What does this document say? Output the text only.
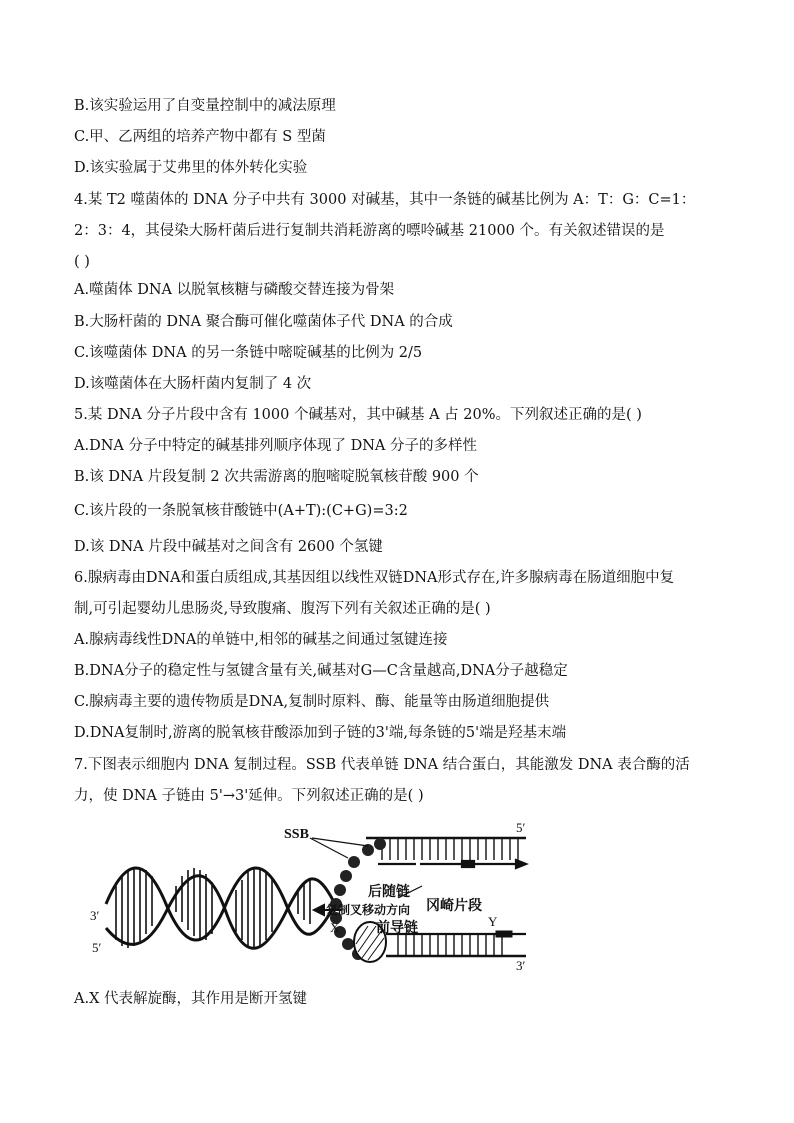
B.该实验运用了自变量控制中的减法原理
C.甲、乙两组的培养产物中都有 S 型菌
D.该实验属于艾弗里的体外转化实验
4.某 T2 噬菌体的 DNA 分子中共有 3000 对碱基，其中一条链的碱基比例为 A：T：G：C=1：
2：3：4，其侵染大肠杆菌后进行复制共消耗游离的嘌呤碱基 21000 个。有关叙述错误的是
( )
A.噬菌体 DNA 以脱氧核糖与磷酸交替连接为骨架
B.大肠杆菌的 DNA 聚合酶可催化噬菌体子代 DNA 的合成
C.该噬菌体 DNA 的另一条链中嘧啶碱基的比例为 2/5
D.该噬菌体在大肠杆菌内复制了 4 次
5.某 DNA 分子片段中含有 1000 个碱基对，其中碱基 A 占 20%。下列叙述正确的是( )
A.DNA 分子中特定的碱基排列顺序体现了 DNA 分子的多样性
B.该 DNA 片段复制 2 次共需游离的胞嘧啶脱氧核苷酸 900 个
C.该片段的一条脱氧核苷酸链中(A+T):(C+G)=3:2
D.该 DNA 片段中碱基对之间含有 2600 个氢键
6.腺病毒由DNA和蛋白质组成,其基因组以线性双链DNA形式存在,许多腺病毒在肠道细胞中复
制,可引起婴幼儿患肠炎,导致腹痛、腹泻下列有关叙述正确的是( )
A.腺病毒线性DNA的单链中,相邻的碱基之间通过氢键连接
B.DNA分子的稳定性与氢键含量有关,碱基对G—C含量越高,DNA分子越稳定
C.腺病毒主要的遗传物质是DNA,复制时原料、酶、能量等由肠道细胞提供
D.DNA复制时,游离的脱氧核苷酸添加到子链的3'端,每条链的5'端是羟基末端
7.下图表示细胞内 DNA 复制过程。SSB 代表单链 DNA 结合蛋白，其能激发 DNA 表合酶的活
力，使 DNA 子链由 5'→3'延伸。下列叙述正确的是( )
A.X 代表解旋酶，其作用是断开氢键
SSB	5′
3′
5′
后随链
冈崎片段
复制叉移动方向
X	前导链	Y
3′
